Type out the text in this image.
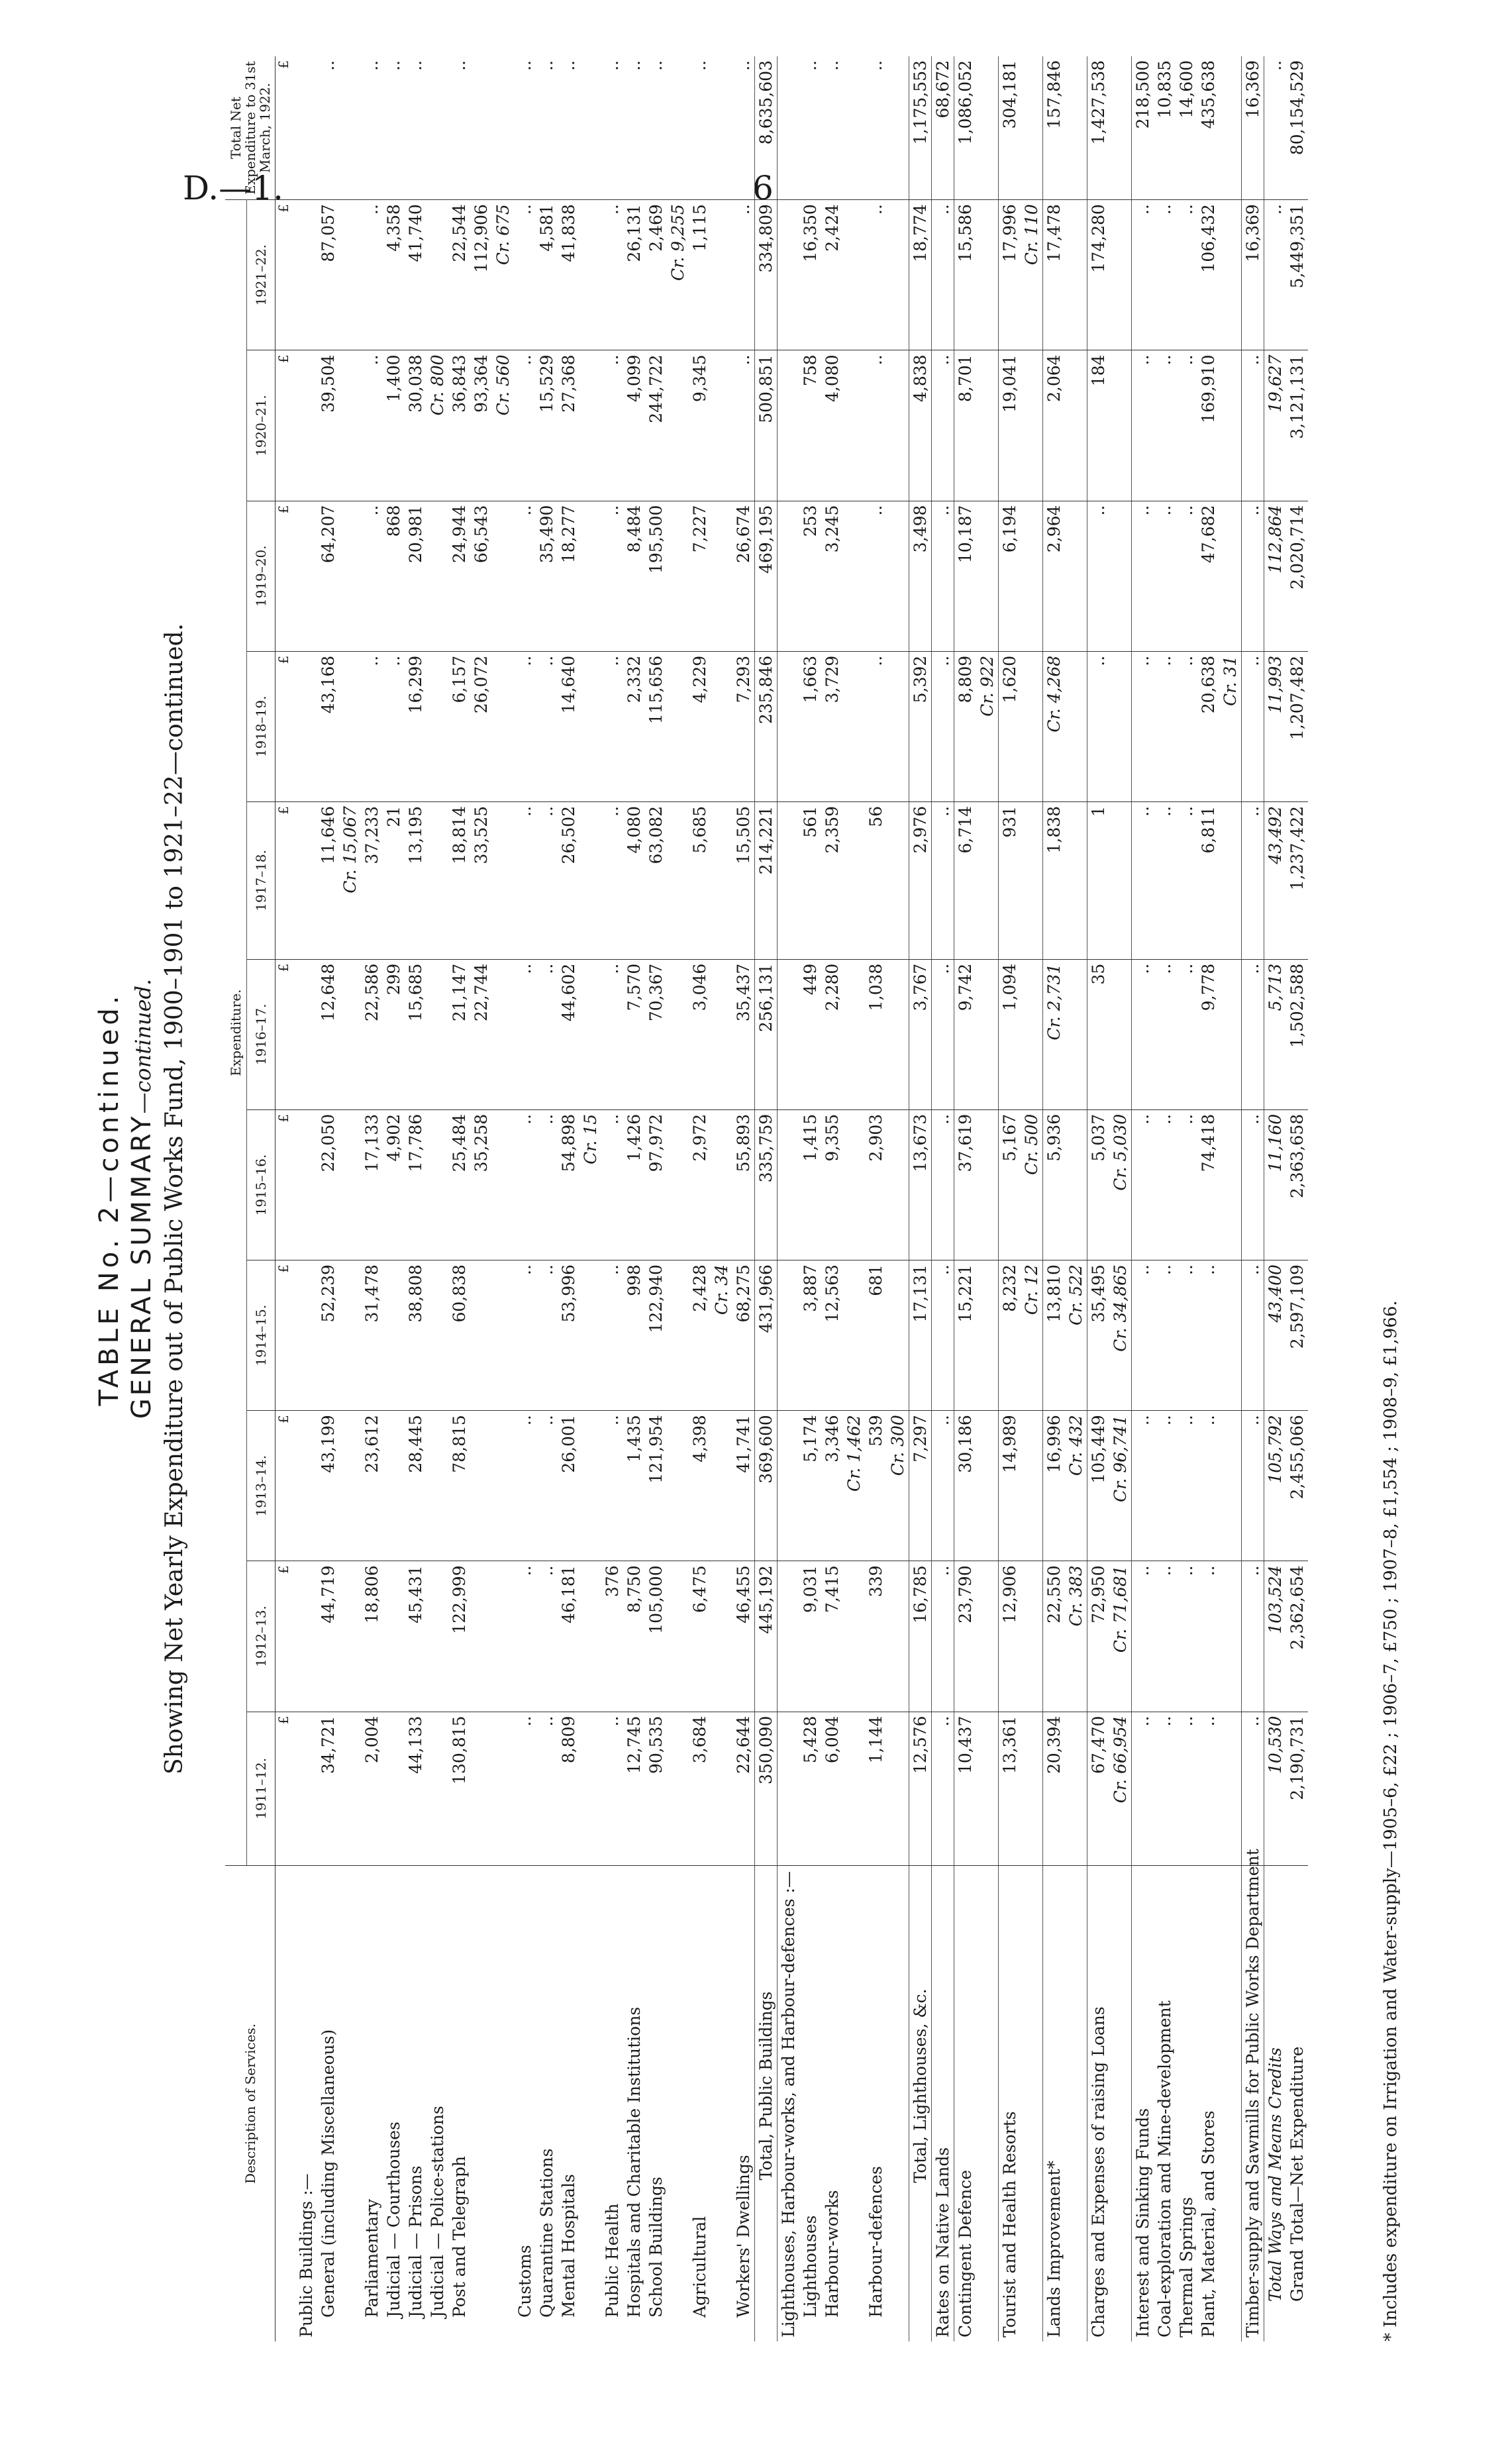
D.—1.	6
TABLE No. 2—continued. GENERAL SUMMARY—continued. Showing Net Yearly Expenditure out of Public Works Fund, 1900–1901 to 1921–22—continued.
Description of Services.	Expenditure.											Total Net Expenditure to 31st March, 1922.
	1911–12.	1912–13.	1913–14.	1914–15.	1915–16.	1916–17.	1917–18.	1918–19.	1919–20.	1920–21.	1921–22.	
	£	£	£	£	£	£	£	£	£	£	£	£
Public Buildings :—												
General (including Miscellaneous)	34,721	44,719	43,199	52,239	22,050	12,648	11,646	43,168	64,207	39,504	87,057	..
							Cr. 15,067					
Parliamentary	2,004	18,806	23,612	31,478	17,133	22,586	37,233	..	..	..	..	..
Judicial — Courthouses					4,902	299	21	..	868	1,400	4,358	..
Judicial — Prisons	44,133	45,431	28,445	38,808	17,786	15,685	13,195	16,299	20,981	30,038	41,740	..
Judicial — Police-stations										Cr. 800		
Post and Telegraph	130,815	122,999	78,815	60,838	25,484	21,147	18,814	6,157	24,944	36,843	22,544	..
					35,258	22,744	33,525	26,072	66,543	93,364	112,906	
										Cr. 560	Cr. 675	
Customs	..	..	..	..	..	..	..	..	..	..	..	..
Quarantine Stations	..	..	..	..	..	..	..	..	35,490	15,529	4,581	..
Mental Hospitals	8,809	46,181	26,001	53,996	54,898	44,602	26,502	14,640	18,277	27,368	41,838	..
					Cr. 15							
Public Health	..	376	..	..	..	..	..	..	..	..	..	..
Hospitals and Charitable Institutions	12,745	8,750	1,435	998	1,426	7,570	4,080	2,332	8,484	4,099	26,131	..
School Buildings	90,535	105,000	121,954	122,940	97,972	70,367	63,082	115,656	195,500	244,722	2,469	..
											Cr. 9,255	
Agricultural	3,684	6,475	4,398	2,428	2,972	3,046	5,685	4,229	7,227	9,345	1,115	..
				Cr. 34								
Workers' Dwellings	22,644	46,455	41,741	68,275	55,893	35,437	15,505	7,293	26,674	..	..	..
Total, Public Buildings	350,090	445,192	369,600	431,966	335,759	256,131	214,221	235,846	469,195	500,851	334,809	8,635,603
Lighthouses, Harbour-works, and Harbour-defences :—												
Lighthouses	5,428	9,031	5,174	3,887	1,415	449	561	1,663	253	758	16,350	..
Harbour-works	6,004	7,415	3,346	12,563	9,355	2,280	2,359	3,729	3,245	4,080	2,424	..
			Cr. 1,462									
Harbour-defences	1,144	339	539	681	2,903	1,038	56	..	..	..	..	..
			Cr. 300									
Total, Lighthouses, &c.	12,576	16,785	7,297	17,131	13,673	3,767	2,976	5,392	3,498	4,838	18,774	1,175,553
Rates on Native Lands	..	..	..	..	..	..	..	..	..	..	..	68,672
Contingent Defence	10,437	23,790	30,186	15,221	37,619	9,742	6,714	8,809	10,187	8,701	15,586	1,086,052
								Cr. 922				
Tourist and Health Resorts	13,361	12,906	14,989	8,232	5,167	1,094	931	1,620	6,194	19,041	17,996	304,181
				Cr. 12	Cr. 500						Cr. 110	
Lands Improvement*	20,394	22,550	16,996	13,810	5,936	Cr. 2,731	1,838	Cr. 4,268	2,964	2,064	17,478	157,846
		Cr. 383	Cr. 432	Cr. 522								
Charges and Expenses of raising Loans	67,470	72,950	105,449	35,495	5,037	35	1	..	..	184	174,280	1,427,538
	Cr. 66,954	Cr. 71,681	Cr. 96,741	Cr. 34,865	Cr. 5,030							
Interest and Sinking Funds	..	..	..	..	..	..	..	..	..	..	..	218,500
Coal-exploration and Mine-development	..	..	..	..	..	..	..	..	..	..	..	10,835
Thermal Springs	..	..	..	..	..	..	..	..	..	..	..	14,600
Plant, Material, and Stores	..	..	..	..	74,418	9,778	6,811	20,638	47,682	169,910	106,432	435,638
								Cr. 31				
Timber-supply and Sawmills for Public Works Department	..	..	..	..	..	..	..	..	..	..	16,369	16,369
Total Ways and Means Credits	10,530	103,524	105,792	43,400	11,160	5,713	43,492	11,993	112,864	19,627	..	..
Grand Total—Net Expenditure	2,190,731	2,362,654	2,455,066	2,597,109	2,363,658	1,502,588	1,237,422	1,207,482	2,020,714	3,121,131	5,449,351	80,154,529
* Includes expenditure on Irrigation and Water-supply—1905–6, £22 ; 1906–7, £750 ; 1907–8, £1,554 ; 1908–9, £1,966.
